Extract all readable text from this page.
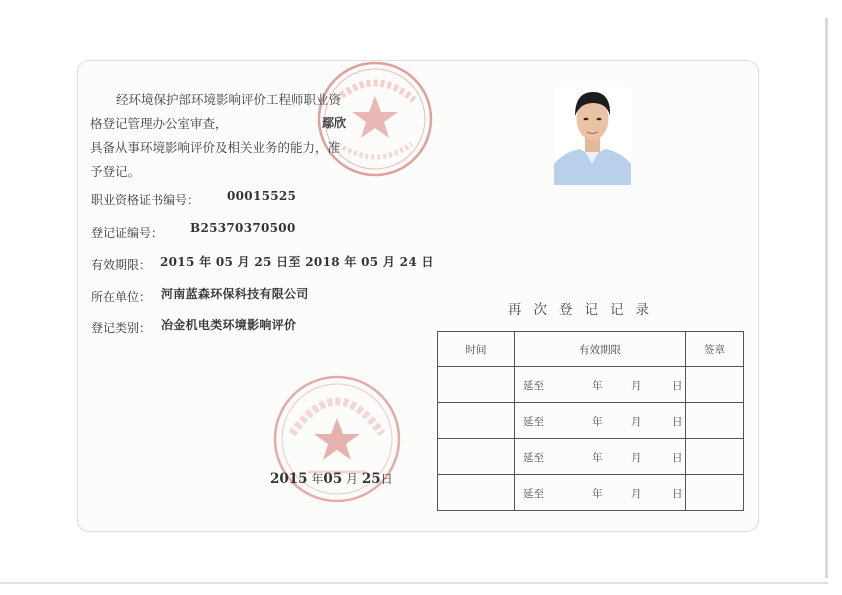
经环境保护部环境影响评价工程师职业资
格登记管理办公室审查，
具备从事环境影响评价及相关业务的能力，准
予登记。
鄢欣
职业资格证书编号： 00015525
登记证编号： B25370370500
有效期限： 2015 年 05 月 25 日至 2018 年 05 月 24 日
所在单位： 河南蓝森环保科技有限公司
登记类别： 冶金机电类环境影响评价
2015 年05 月 25日
再次登记记录
时间	有效期限	签章

	延至 年 月 日	

	延至 年 月 日	

	延至 年 月 日	

	延至 年 月 日	
